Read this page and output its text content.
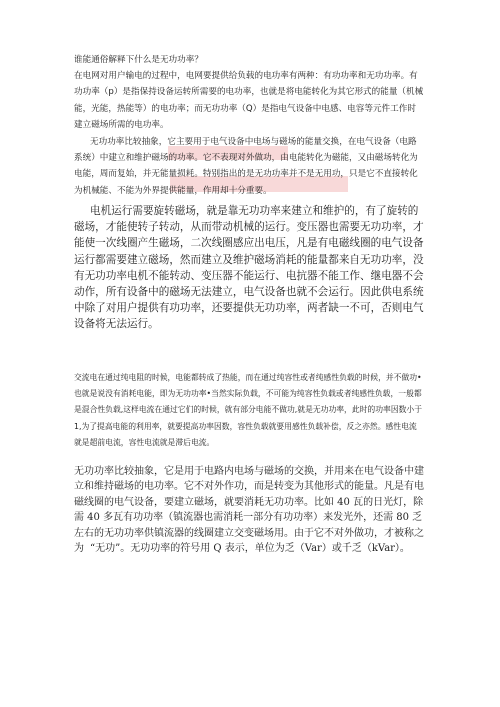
谁能通俗解释下什么是无功功率？

在电网对用户输电的过程中，电网要提供给负载的电功率有两种：有功功率和无功功率。有功功率（p）是指保持设备运转所需要的电功率，也就是将电能转化为其它形式的能量（机械能，光能，热能等）的电功率；而无功功率（Q）是指电气设备中电感、电容等元件工作时建立磁场所需的电功率。

无功功率比较抽象，它主要用于电气设备中电场与磁场的能量交换，在电气设备（电路系统）中建立和维护磁场的功率。它不表现对外做功，由电能转化为磁能，又由磁场转化为电能，周而复始，并无能量损耗。特别指出的是无功功率并不是无用功，只是它不直接转化为机械能、不能为外界提供能量，作用却十分重要。

电机运行需要旋转磁场，就是靠无功功率来建立和维护的，有了旋转的磁场，才能使转子转动，从而带动机械的运行。变压器也需要无功功率，才能使一次线圈产生磁场，二次线圈感应出电压，凡是有电磁线圈的电气设备运行都需要建立磁场，然而建立及维护磁场消耗的能量都来自无功功率，没有无功功率电机不能转动、变压器不能运行、电抗器不能工作、继电器不会动作，所有设备中的磁场无法建立，电气设备也就不会运行。因此供电系统中除了对用户提供有功功率，还要提供无功功率，两者缺一不可，否则电气设备将无法运行。

交流电在通过纯电阻的时候，电能都转成了热能，而在通过纯容性或者纯感性负载的时候，并不做功•也就是说没有消耗电能，即为无功功率•当然实际负载，不可能为纯容性负载或者纯感性负载，一般都是混合性负载,这样电流在通过它们的时候，就有部分电能不做功,就是无功功率，此时的功率因数小于 1,为了提高电能的利用率，就要提高功率因数，容性负载就要用感性负载补偿，反之亦然。感性电流就是超前电流，容性电流就是滞后电流。

无功功率比较抽象，它是用于电路内电场与磁场的交换，并用来在电气设备中建立和维持磁场的电功率。它不对外作功，而是转变为其他形式的能量。凡是有电磁线圈的电气设备，要建立磁场，就要消耗无功功率。比如 40 瓦的日光灯，除需 40 多瓦有功功率（镇流器也需消耗一部分有功功率）来发光外，还需 80 乏左右的无功功率供镇流器的线圈建立交变磁场用。由于它不对外做功，才被称之为 “无功”。无功功率的符号用 Q 表示，单位为乏（Var）或千乏（kVar）。
